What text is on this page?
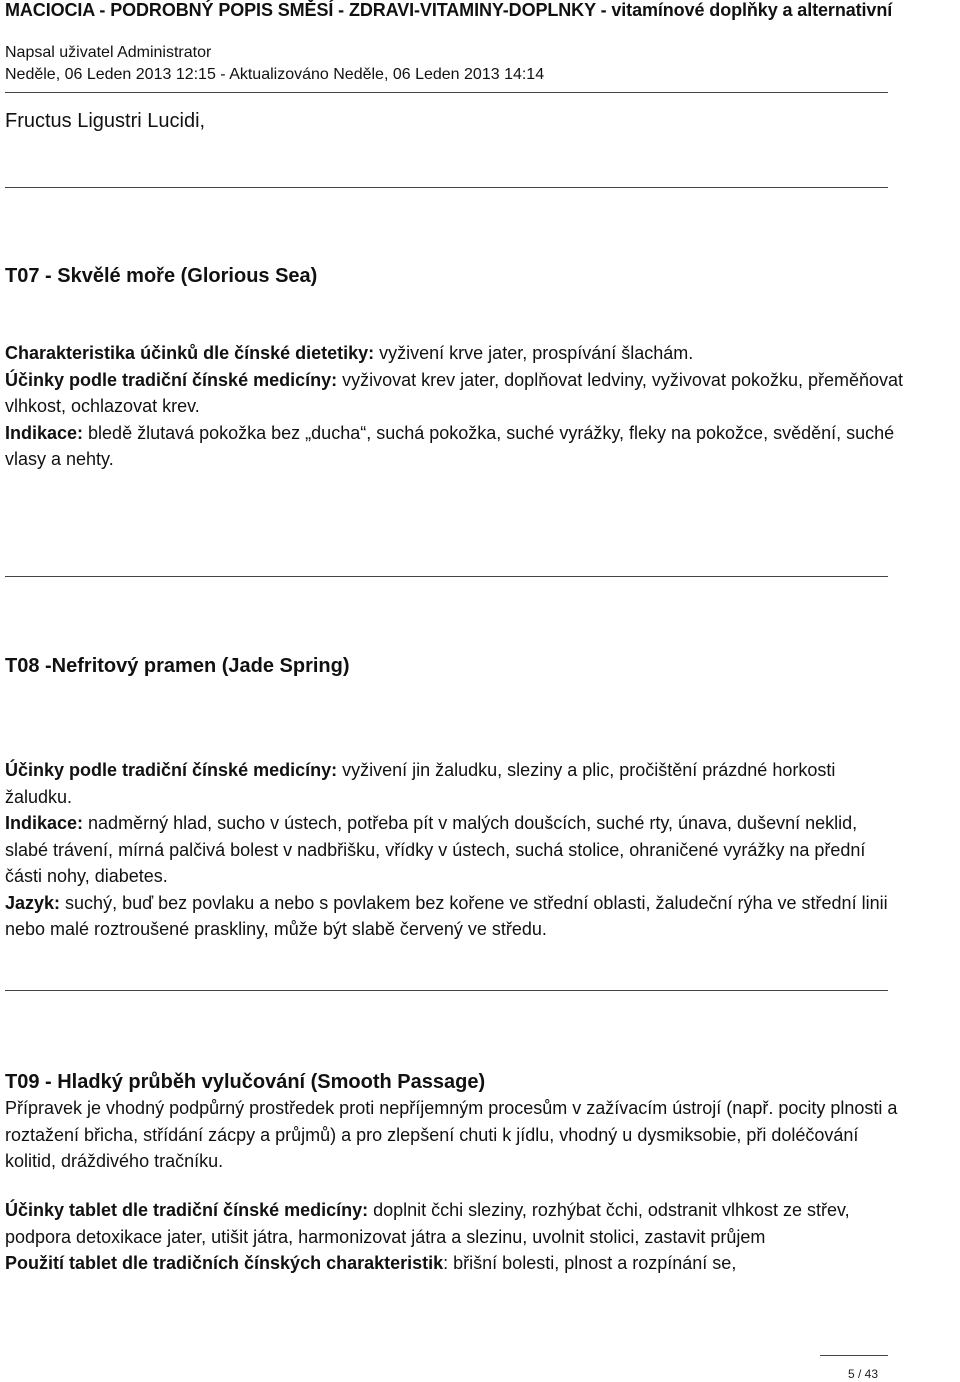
MACIOCIA - PODROBNÝ POPIS SMĚSÍ - ZDRAVI-VITAMINY-DOPLNKY - vitamínové doplňky a alternativní
Napsal uživatel Administrator
Neděle, 06 Leden 2013 12:15 - Aktualizováno Neděle, 06 Leden 2013 14:14
Fructus Ligustri Lucidi,
T07 - Skvělé moře (Glorious Sea)
Charakteristika účinků dle čínské dietetiky: vyživení krve jater, prospívání šlachám.
Účinky podle tradiční čínské medicíny: vyživovat krev jater, doplňovat ledviny, vyživovat pokožku, přeměňovat vlhkost, ochlazovat krev.
Indikace: bledě žlutavá pokožka bez „ducha“, suchá pokožka, suché vyrážky, fleky na pokožce, svědění, suché vlasy a nehty.
T08 -Nefritový pramen (Jade Spring)
Účinky podle tradiční čínské medicíny: vyživení jin žaludku, sleziny a plic, pročištění prázdné horkosti žaludku.
Indikace: nadměrný hlad, sucho v ústech, potřeba pít v malých doušcích, suché rty, únava, duševní neklid, slabé trávení, mírná palčivá bolest v nadbřišku, vřídky v ústech, suchá stolice, ohraničené vyrážky na přední části nohy, diabetes.
Jazyk: suchý, buď bez povlaku a nebo s povlakem bez kořene ve střední oblasti, žaludeční rýha ve střední linii nebo malé roztroušené praskliny, může být slabě červený ve středu.
T09 - Hladký průběh vylučování (Smooth Passage)
Přípravek je vhodný podpůrný prostředek proti nepříjemným procesům v zažívacím ústrojí (např. pocity plnosti a roztažení břicha, střídání zácpy a průjmů) a pro zlepšení chuti k jídlu, vhodný u dysmiksobie, při doléčování kolitid, dráždivého tračníku.
Účinky tablet dle tradiční čínské medicíny: doplnit čchi sleziny, rozhýbat čchi, odstranit vlhkost ze střev, podpora detoxikace jater, utišit játra, harmonizovat játra a slezinu, uvolnit stolici, zastavit průjem
Použití tablet dle tradičních čínských charakteristik: břišní bolesti, plnost a rozpínání se,
5 / 43
